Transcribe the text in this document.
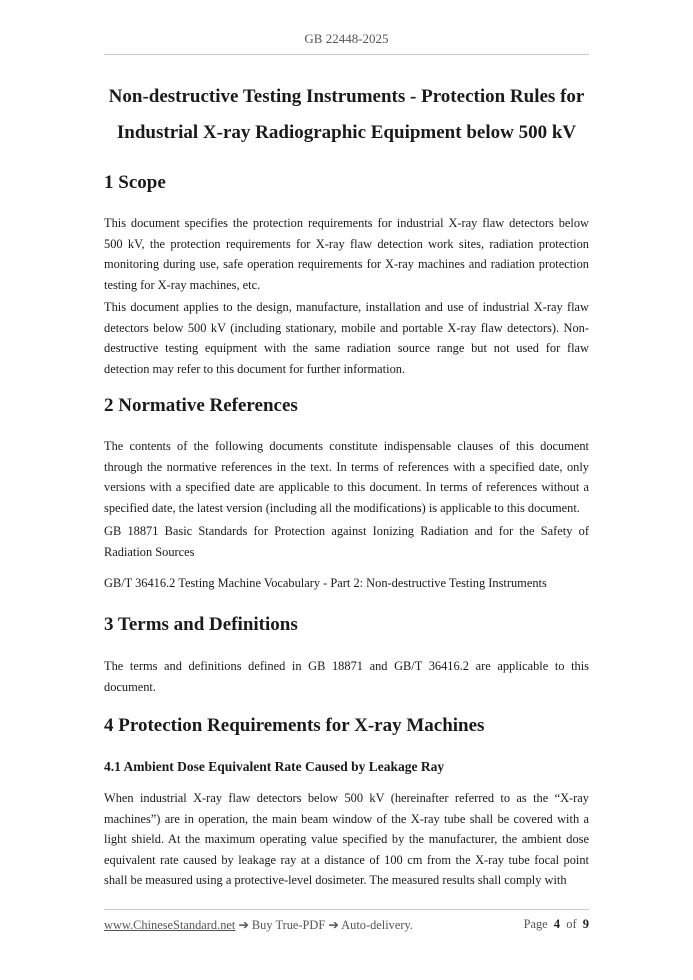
GB 22448-2025
Non-destructive Testing Instruments - Protection Rules for
Industrial X-ray Radiographic Equipment below 500 kV
1 Scope

This document specifies the protection requirements for industrial X-ray flaw detectors below 500 kV, the protection requirements for X-ray flaw detection work sites, radiation protection monitoring during use, safe operation requirements for X-ray machines and radiation protection testing for X-ray machines, etc.

This document applies to the design, manufacture, installation and use of industrial X-ray flaw detectors below 500 kV (including stationary, mobile and portable X-ray flaw detectors). Non-destructive testing equipment with the same radiation source range but not used for flaw detection may refer to this document for further information.

2 Normative References

The contents of the following documents constitute indispensable clauses of this document through the normative references in the text. In terms of references with a specified date, only versions with a specified date are applicable to this document. In terms of references without a specified date, the latest version (including all the modifications) is applicable to this document.

GB 18871 Basic Standards for Protection against Ionizing Radiation and for the Safety of Radiation Sources

GB/T 36416.2 Testing Machine Vocabulary - Part 2: Non-destructive Testing Instruments

3 Terms and Definitions

The terms and definitions defined in GB 18871 and GB/T 36416.2 are applicable to this document.

4 Protection Requirements for X-ray Machines
4.1 Ambient Dose Equivalent Rate Caused by Leakage Ray

When industrial X-ray flaw detectors below 500 kV (hereinafter referred to as the “X-ray machines”) are in operation, the main beam window of the X-ray tube shall be covered with a light shield. At the maximum operating value specified by the manufacturer, the ambient dose equivalent rate caused by leakage ray at a distance of 100 cm from the X-ray tube focal point shall be measured using a protective-level dosimeter. The measured results shall comply with

www.ChineseStandard.net ➔ Buy True-PDF ➔ Auto-delivery.	Page 4 of 9
